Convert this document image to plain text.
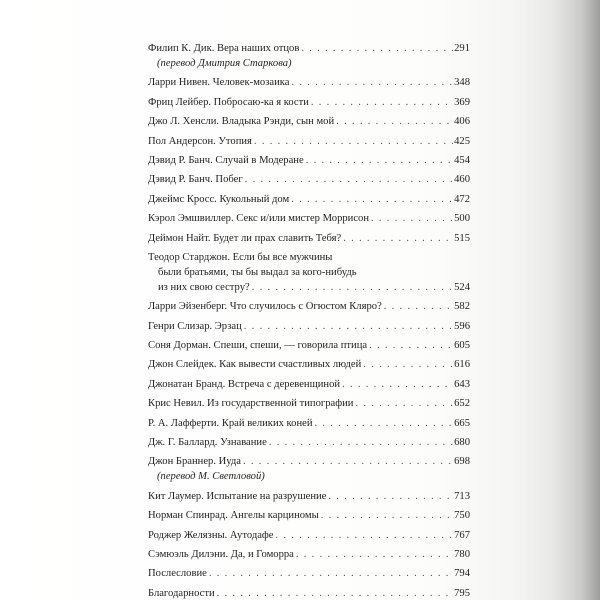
Филип К. Дик. Вера наших отцов . . .	291
(перевод Дмитрия Старкова)
Ларри Нивен. Человек-мозаика . . .	348
Фриц Лейбер. Побросаю-ка я кости . . .	369
Джо Л. Хенсли. Владыка Рэнди, сын мой . . .	406
Пол Андерсон. Утопия . . .	425
Дэвид Р. Банч. Случай в Модеране . . .	454
Дэвид Р. Банч. Побег . . .	460
Джеймс Кросс. Кукольный дом . . .	472
Кэрол Эмшвиллер. Секс и/или мистер Моррисон . . .	500
Деймон Найт. Будет ли прах славить Тебя? . . .	515
Теодор Старджон. Если бы все мужчины
были братьями, ты бы выдал за кого-нибудь
из них свою сестру? . . .	524
Ларри Эйзенберг. Что случилось с Огюстом Кляро? . . .	582
Генри Слизар. Эрзац . . .	596
Соня Дорман. Спеши, спеши, — говорила птица . . .	605
Джон Слейдек. Как вывести счастливых людей . . .	616
Джонатан Бранд. Встреча с деревенщиной . . .	643
Крис Невил. Из государственной типографии . . .	652
Р. А. Лафферти. Край великих коней . . .	665
Дж. Г. Баллард. Узнавание . . .	680
Джон Браннер. Иуда . . .	698
(перевод М. Светловой)
Кит Лаумер. Испытание на разрушение . . .	713
Норман Спинрад. Ангелы карциномы . . .	750
Роджер Желязны. Аутодафе . . .	767
Сэмюэль Дилэни. Да, и Гоморра . . .	780
Послесловие . . .	794
Благодарности . . .	795
